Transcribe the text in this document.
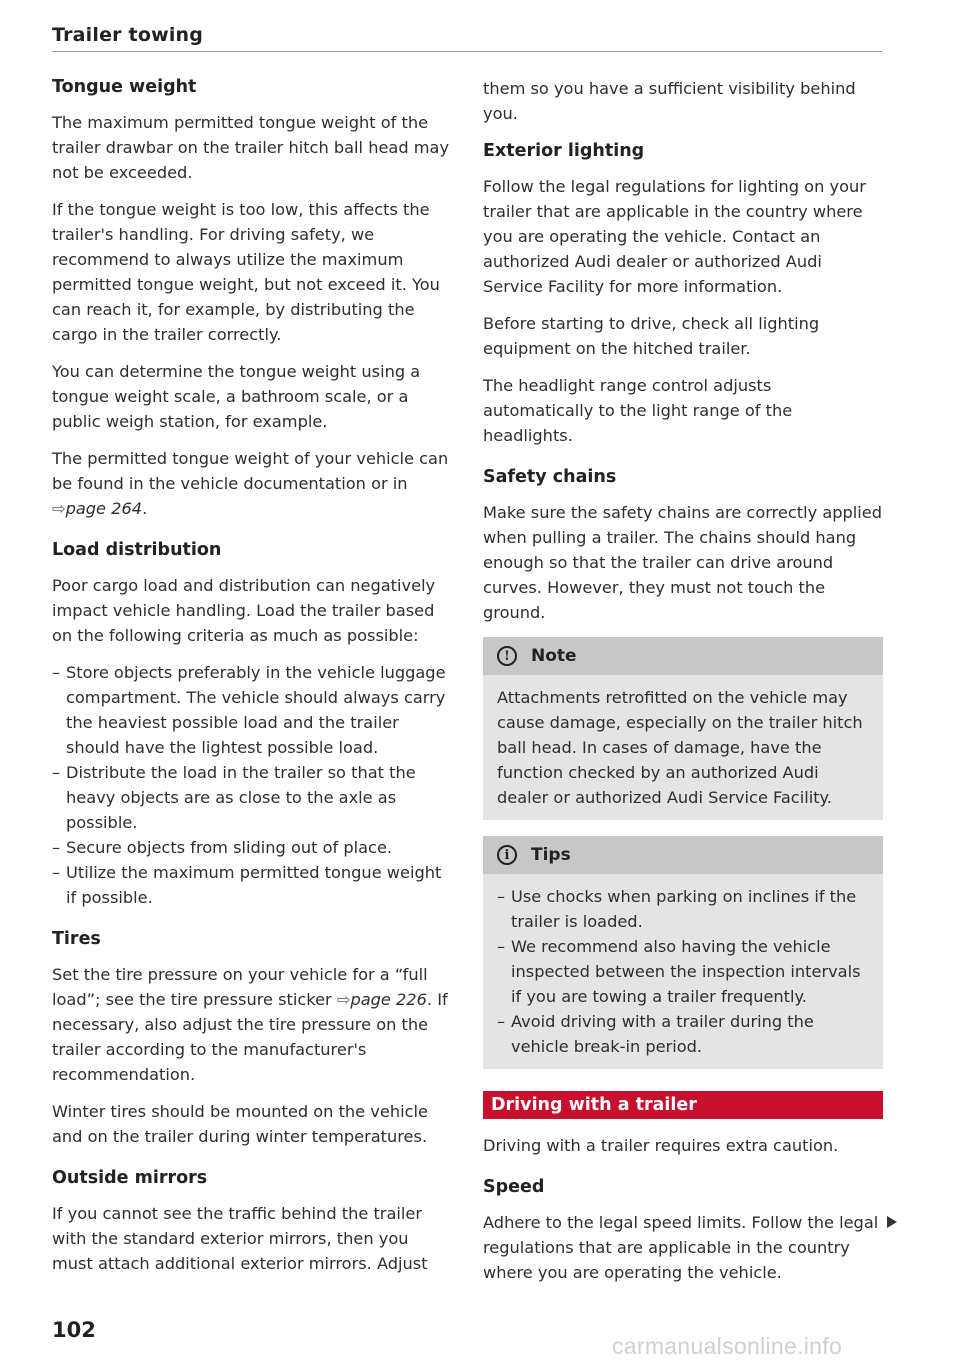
Trailer towing
Tongue weight

The maximum permitted tongue weight of the trailer drawbar on the trailer hitch ball head may not be exceeded.

If the tongue weight is too low, this affects the trailer's handling. For driving safety, we recommend to always utilize the maximum permitted tongue weight, but not exceed it. You can reach it, for example, by distributing the cargo in the trailer correctly.

You can determine the tongue weight using a tongue weight scale, a bathroom scale, or a public weigh station, for example.

The permitted tongue weight of your vehicle can be found in the vehicle documentation or in ⇨page 264.

Load distribution

Poor cargo load and distribution can negatively impact vehicle handling. Load the trailer based on the following criteria as much as possible:

– Store objects preferably in the vehicle luggage compartment. The vehicle should always carry the heaviest possible load and the trailer should have the lightest possible load.
– Distribute the load in the trailer so that the heavy objects are as close to the axle as possible.
– Secure objects from sliding out of place.
– Utilize the maximum permitted tongue weight if possible.
Tires

Set the tire pressure on your vehicle for a “full load”; see the tire pressure sticker ⇨page 226. If necessary, also adjust the tire pressure on the trailer according to the manufacturer's recommendation.

Winter tires should be mounted on the vehicle and on the trailer during winter temperatures.

Outside mirrors

If you cannot see the traffic behind the trailer with the standard exterior mirrors, then you must attach additional exterior mirrors. Adjust

them so you have a sufficient visibility behind you.

Exterior lighting

Follow the legal regulations for lighting on your trailer that are applicable in the country where you are operating the vehicle. Contact an authorized Audi dealer or authorized Audi Service Facility for more information.

Before starting to drive, check all lighting equipment on the hitched trailer.

The headlight range control adjusts automatically to the light range of the headlights.

Safety chains

Make sure the safety chains are correctly applied when pulling a trailer. The chains should hang enough so that the trailer can drive around curves. However, they must not touch the ground.

!	Note

Attachments retrofitted on the vehicle may cause damage, especially on the trailer hitch ball head. In cases of damage, have the function checked by an authorized Audi dealer or authorized Audi Service Facility.

i	Tips
– Use chocks when parking on inclines if the trailer is loaded.
– We recommend also having the vehicle inspected between the inspection intervals if you are towing a trailer frequently.
– Avoid driving with a trailer during the vehicle break-in period.
Driving with a trailer

Driving with a trailer requires extra caution.

Speed

Adhere to the legal speed limits. Follow the legal regulations that are applicable in the country where you are operating the vehicle.

102
carmanualsonline.info
